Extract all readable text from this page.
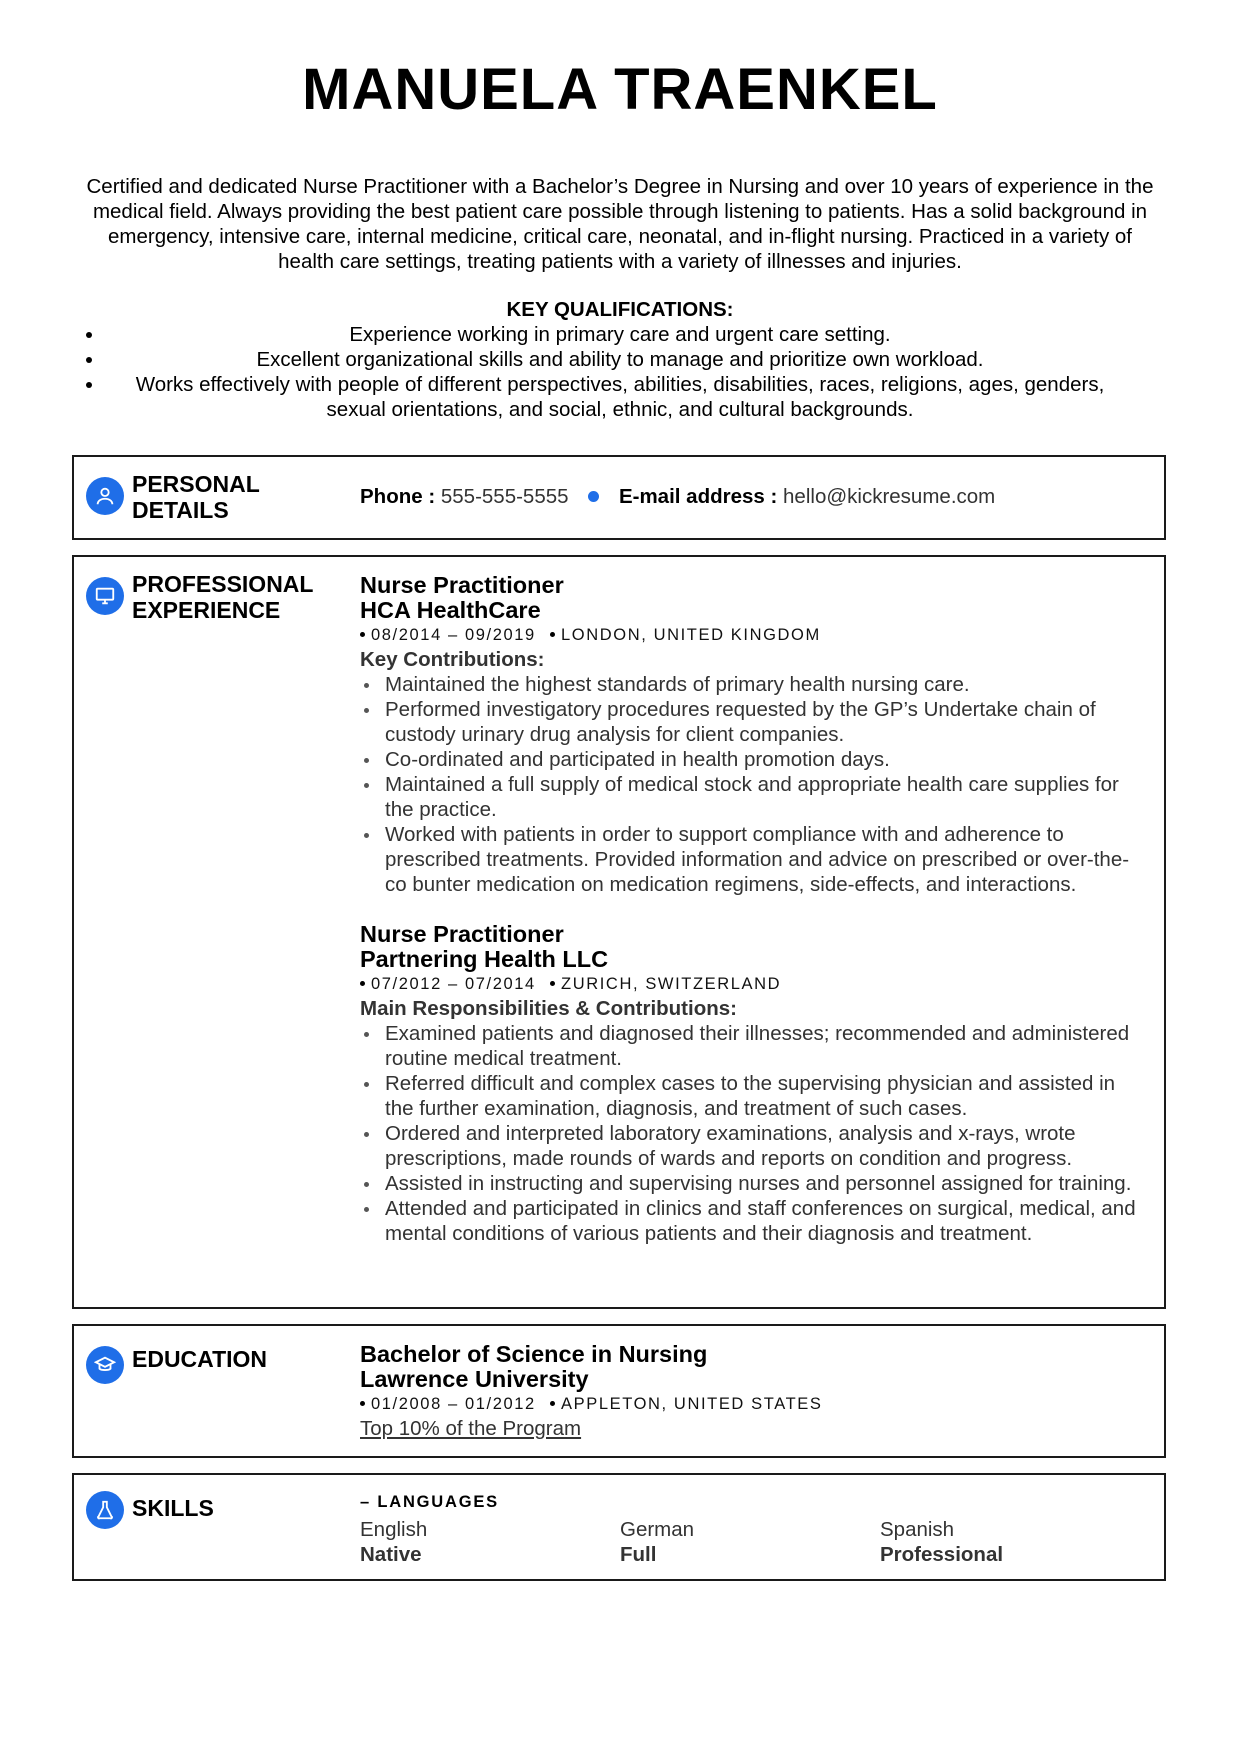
MANUELA TRAENKEL

Certified and dedicated Nurse Practitioner with a Bachelor’s Degree in Nursing and over 10 years of experience in the medical field. Always providing the best patient care possible through listening to patients. Has a solid background in emergency, intensive care, internal medicine, critical care, neonatal, and in-flight nursing. Practiced in a variety of health care settings, treating patients with a variety of illnesses and injuries.

KEY QUALIFICATIONS:
Experience working in primary care and urgent care setting.
Excellent organizational skills and ability to manage and prioritize own workload.
Works effectively with people of different perspectives, abilities, disabilities, races, religions, ages, genders, sexual orientations, and social, ethnic, and cultural backgrounds.
PERSONAL DETAILS
Phone : 555-555-5555 E-mail address : hello@kickresume.com
PROFESSIONAL EXPERIENCE
Nurse Practitioner
HCA HealthCare
08/2014 – 09/2019 LONDON, UNITED KINGDOM
Key Contributions:
Maintained the highest standards of primary health nursing care.
Performed investigatory procedures requested by the GP’s Undertake chain of custody urinary drug analysis for client companies.
Co-ordinated and participated in health promotion days.
Maintained a full supply of medical stock and appropriate health care supplies for the practice.
Worked with patients in order to support compliance with and adherence to prescribed treatments. Provided information and advice on prescribed or over-the-co bunter medication on medication regimens, side-effects, and interactions.
Nurse Practitioner
Partnering Health LLC
07/2012 – 07/2014 ZURICH, SWITZERLAND
Main Responsibilities & Contributions:
Examined patients and diagnosed their illnesses; recommended and administered routine medical treatment.
Referred difficult and complex cases to the supervising physician and assisted in the further examination, diagnosis, and treatment of such cases.
Ordered and interpreted laboratory examinations, analysis and x-rays, wrote prescriptions, made rounds of wards and reports on condition and progress.
Assisted in instructing and supervising nurses and personnel assigned for training.
Attended and participated in clinics and staff conferences on surgical, medical, and mental conditions of various patients and their diagnosis and treatment.
EDUCATION	Bachelor of Science in Nursing
Lawrence University
01/2008 – 01/2012 APPLETON, UNITED STATES
Top 10% of the Program
SKILLS	– LANGUAGES
English
Native
German
Full
Spanish
Professional
